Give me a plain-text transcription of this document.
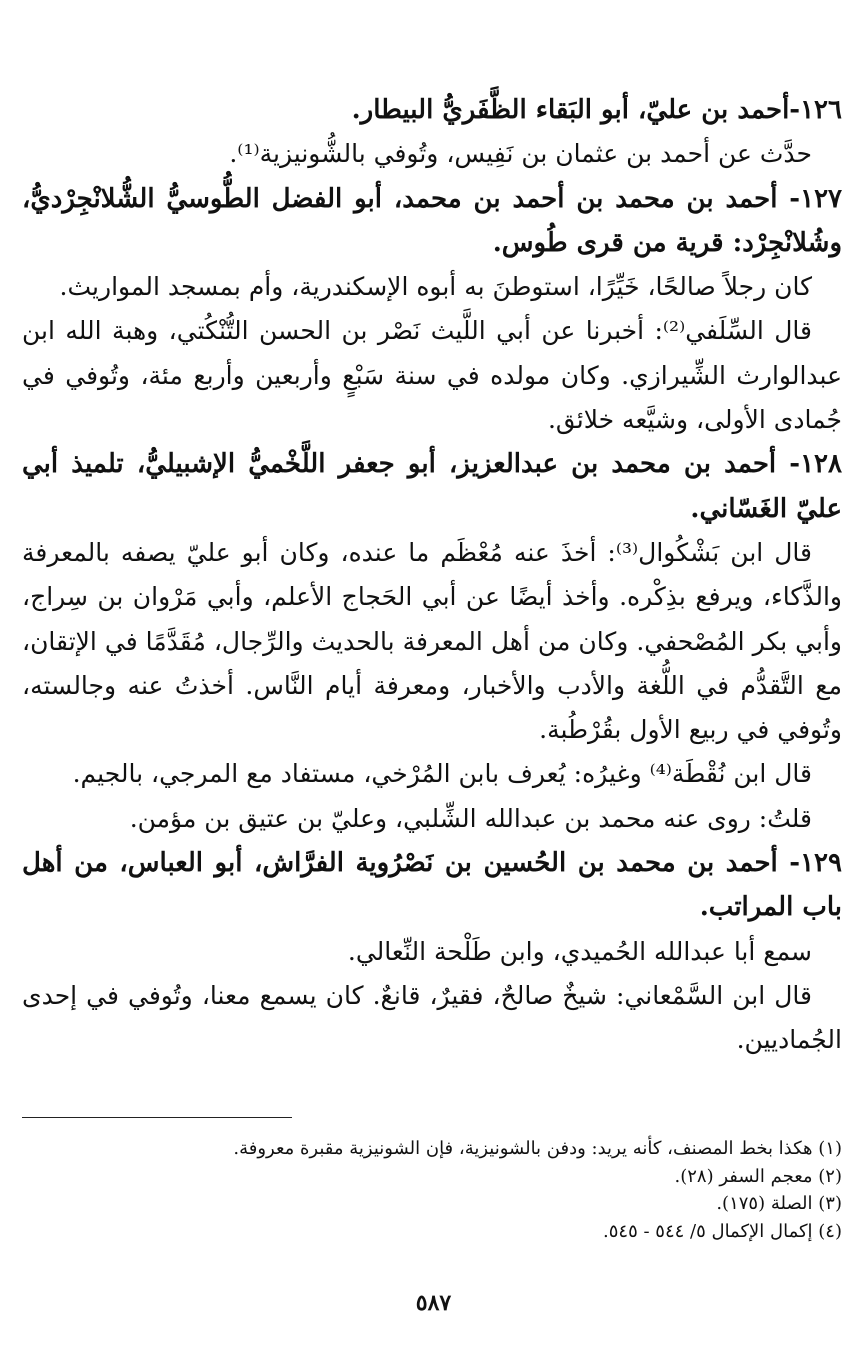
١٢٦-أحمد بن عليّ، أبو البَقاء الظَّفَريُّ البيطار.

حدَّث عن أحمد بن عثمان بن نَفِيس، وتُوفي بالشُّونيزية⁽¹⁾.

١٢٧- أحمد بن محمد بن أحمد بن محمد، أبو الفضل الطُّوسيُّ الشُّلانْجِرْديُّ، وشُلانْجِرْد: قرية من قرى طُوس.

كان رجلاً صالحًا، خَيِّرًا، استوطنَ به أبوه الإسكندرية، وأم بمسجد المواريث.

قال السِّلَفي⁽²⁾: أخبرنا عن أبي اللَّيث نَصْر بن الحسن التُّنْكُتي، وهبة الله ابن عبدالوارث الشِّيرازي. وكان مولده في سنة سَبْعٍ وأربعين وأربع مئة، وتُوفي في جُمادى الأولى، وشيَّعه خلائق.

١٢٨- أحمد بن محمد بن عبدالعزيز، أبو جعفر اللَّخْميُّ الإشبيليُّ، تلميذ أبي عليّ الغَسّاني.

قال ابن بَشْكُوال⁽³⁾: أخذَ عنه مُعْظَم ما عنده، وكان أبو عليّ يصفه بالمعرفة والذَّكاء، ويرفع بذِكْره. وأخذ أيضًا عن أبي الحَجاج الأعلم، وأبي مَرْوان بن سِراج، وأبي بكر المُصْحفي. وكان من أهل المعرفة بالحديث والرِّجال، مُقَدَّمًا في الإتقان، مع التَّقدُّم في اللُّغة والأدب والأخبار، ومعرفة أيام النَّاس. أخذتُ عنه وجالسته، وتُوفي في ربيع الأول بقُرْطُبة.

قال ابن نُقْطَة⁽⁴⁾ وغيرُه: يُعرف بابن المُرْخي، مستفاد مع المرجي، بالجيم.

قلتُ: روى عنه محمد بن عبدالله الشِّلبي، وعليّ بن عتيق بن مؤمن.

١٢٩- أحمد بن محمد بن الحُسين بن نَصْرُوية الفرَّاش، أبو العباس، من أهل باب المراتب.

سمع أبا عبدالله الحُميدي، وابن طَلْحة النِّعالي.

قال ابن السَّمْعاني: شيخٌ صالحٌ، فقيرٌ، قانعٌ. كان يسمع معنا، وتُوفي في إحدى الجُماديين.

(١) هكذا بخط المصنف، كأنه يريد: ودفن بالشونيزية، فإن الشونيزية مقبرة معروفة.

(٢) معجم السفر (٢٨).

(٣) الصلة (١٧٥).

(٤) إكمال الإكمال ٥/ ٥٤٤ - ٥٤٥.

٥٨٧
